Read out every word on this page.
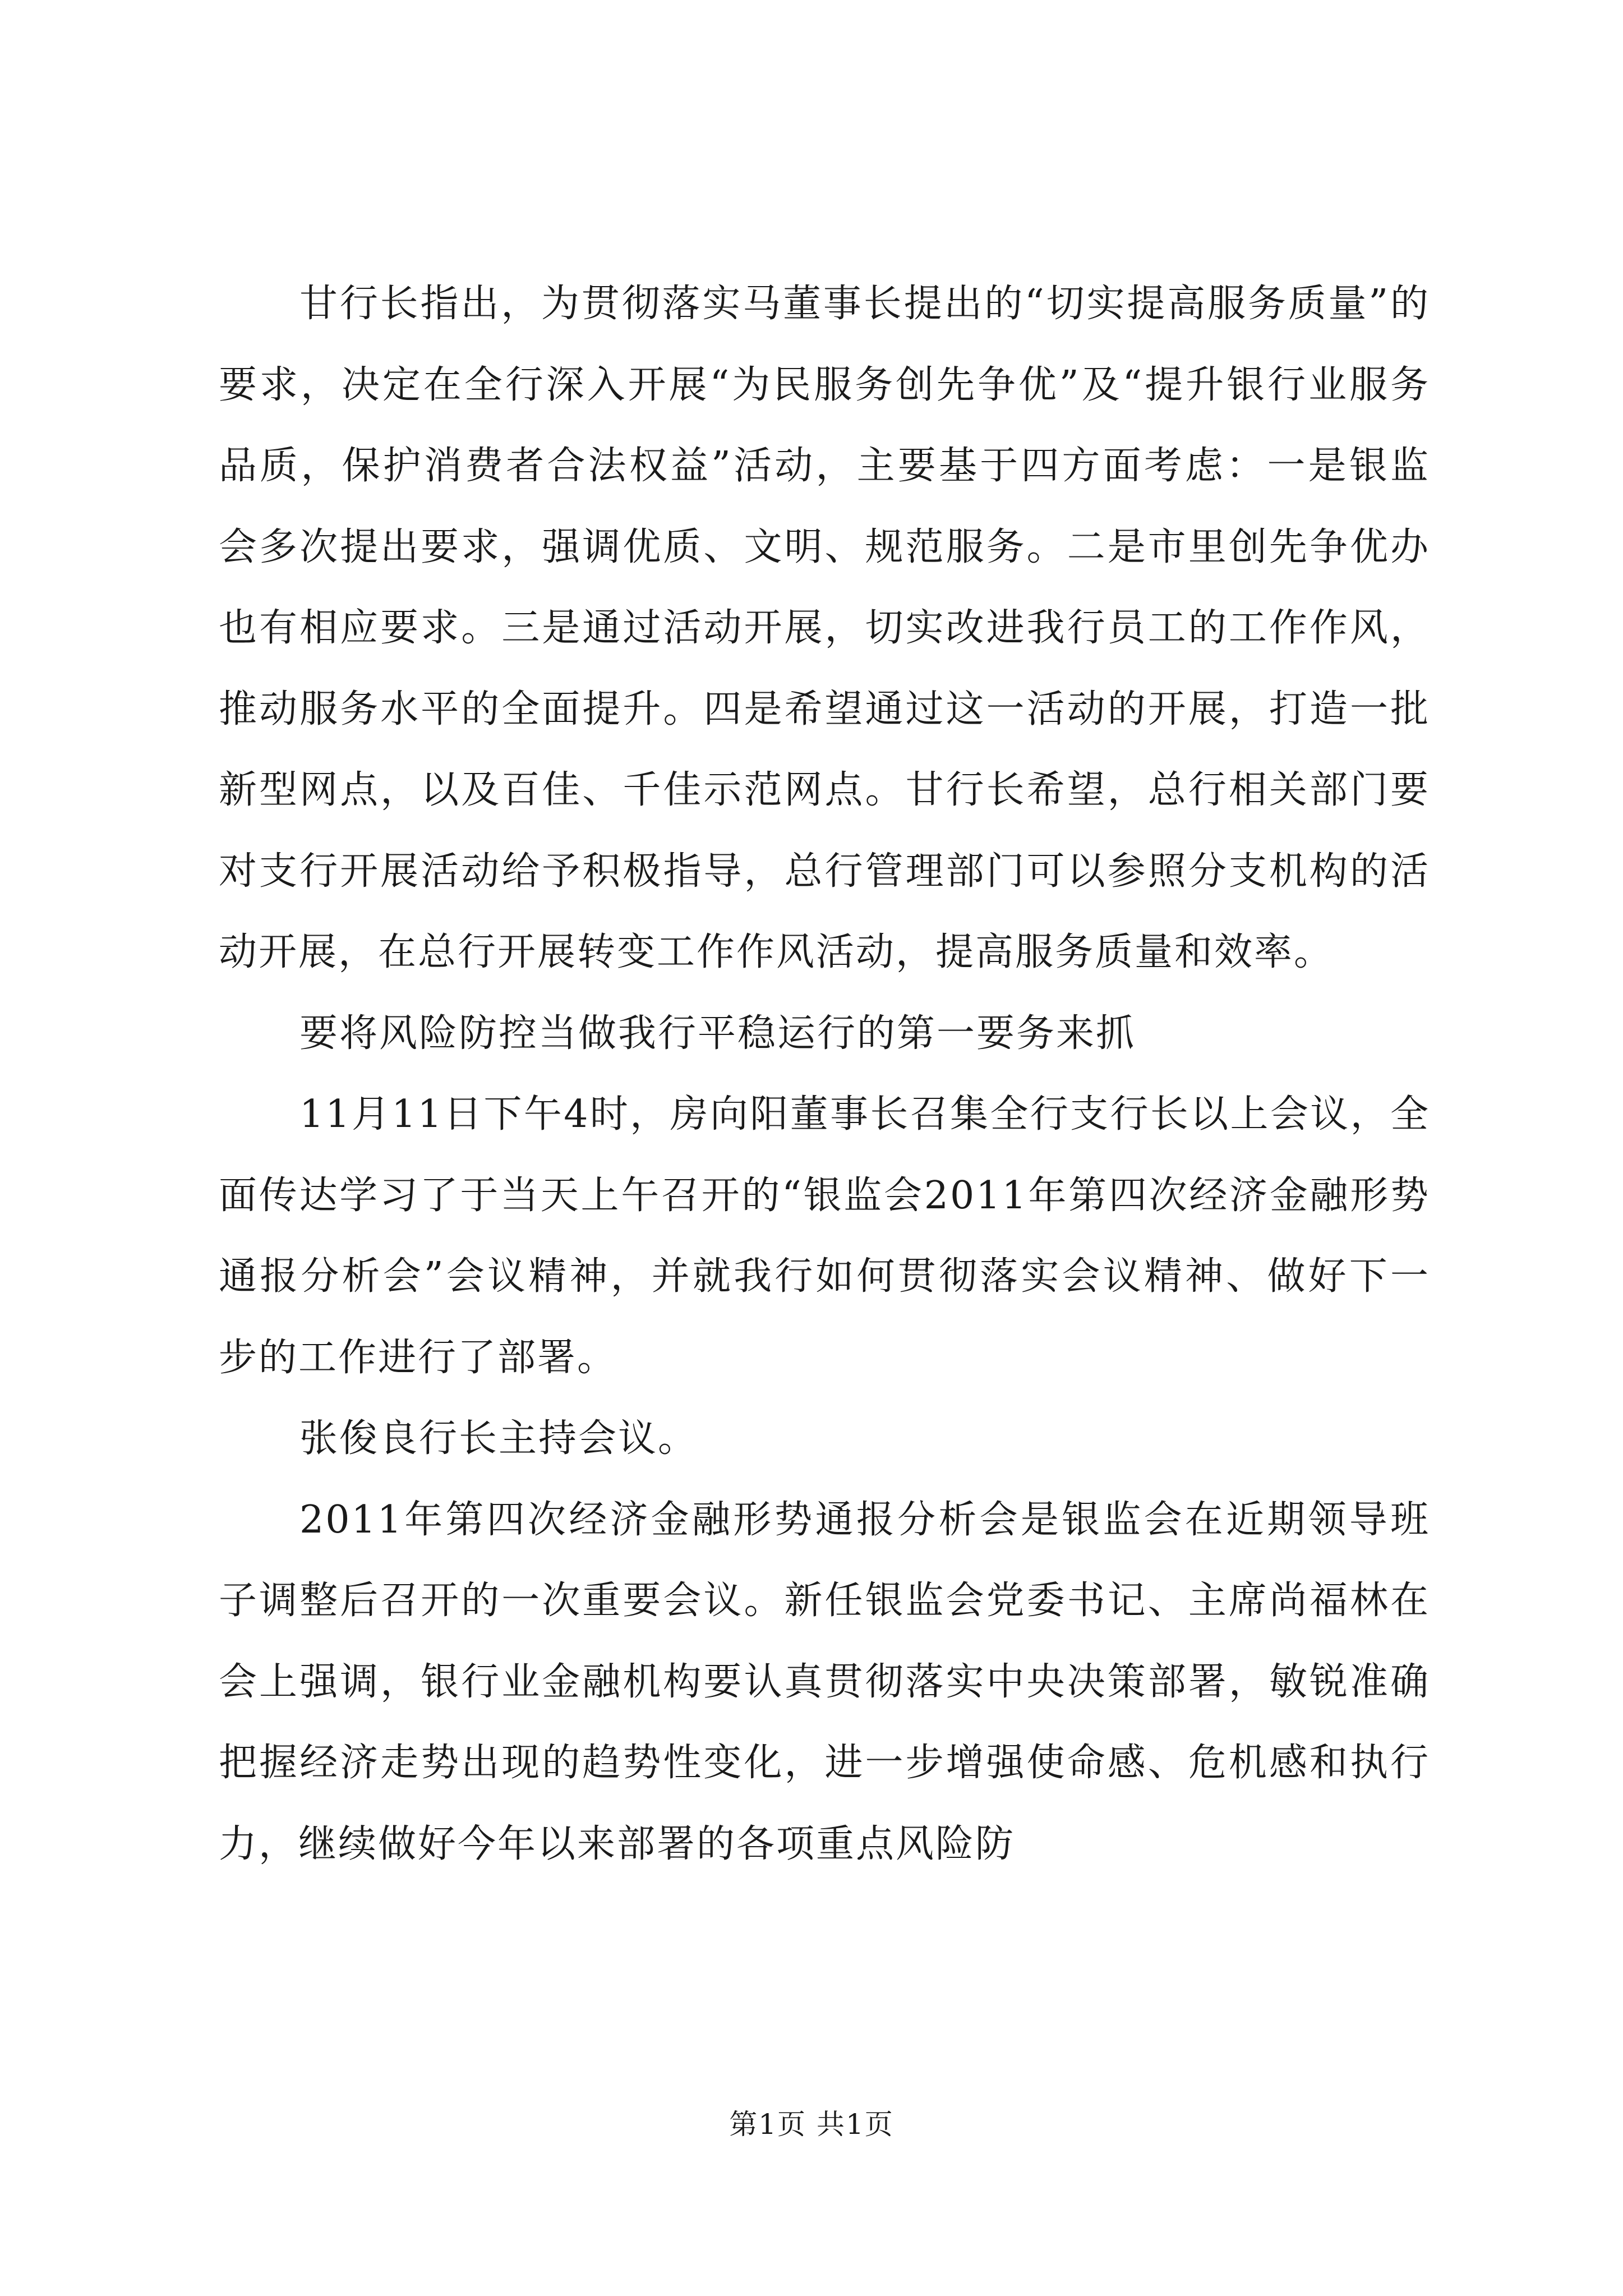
甘行长指出，为贯彻落实马董事长提出的“切实提高服务质量”的要求，决定在全行深入开展“为民服务创先争优”及“提升银行业服务品质，保护消费者合法权益”活动，主要基于四方面考虑：一是银监会多次提出要求，强调优质、文明、规范服务。二是市里创先争优办也有相应要求。三是通过活动开展，切实改进我行员工的工作作风，推动服务水平的全面提升。四是希望通过这一活动的开展，打造一批新型网点，以及百佳、千佳示范网点。甘行长希望，总行相关部门要对支行开展活动给予积极指导，总行管理部门可以参照分支机构的活动开展，在总行开展转变工作作风活动，提高服务质量和效率。

要将风险防控当做我行平稳运行的第一要务来抓

11月11日下午4时，房向阳董事长召集全行支行长以上会议，全面传达学习了于当天上午召开的“银监会2011年第四次经济金融形势通报分析会”会议精神，并就我行如何贯彻落实会议精神、做好下一步的工作进行了部署。

张俊良行长主持会议。

2011年第四次经济金融形势通报分析会是银监会在近期领导班子调整后召开的一次重要会议。新任银监会党委书记、主席尚福林在会上强调，银行业金融机构要认真贯彻落实中央决策部署，敏锐准确把握经济走势出现的趋势性变化，进一步增强使命感、危机感和执行力，继续做好今年以来部署的各项重点风险防

第1页 共1页
